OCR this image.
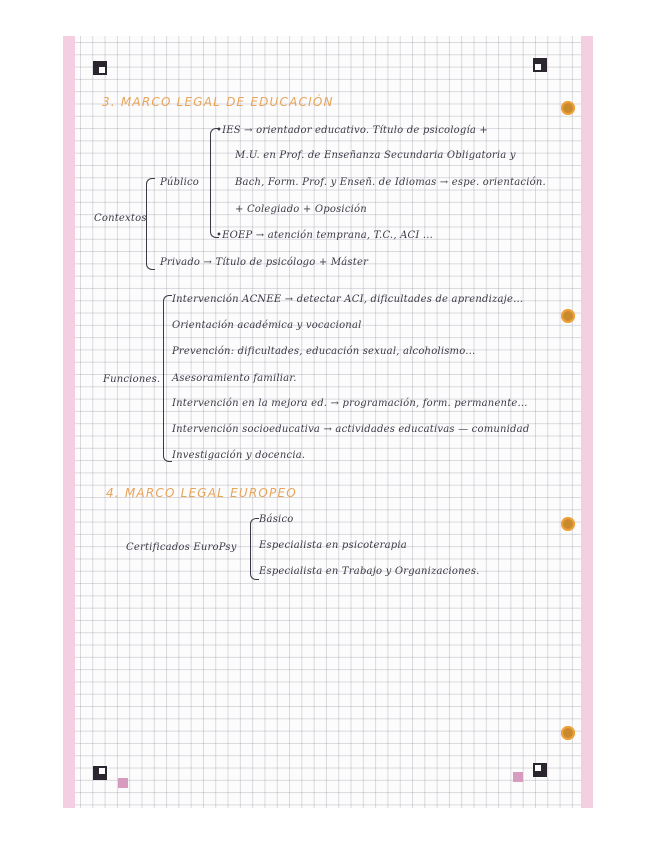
3. MARCO LEGAL DE EDUCACIÓN
Contextos
Público
•IES → orientador educativo. Título de psicología +
M.U. en Prof. de Enseñanza Secundaria Obligatoria y
Bach, Form. Prof. y Enseñ. de Idiomas → espe. orientación.
+ Colegiado + Oposición
•EOEP → atención temprana, T.C., ACI ...
Privado → Título de psicólogo + Máster
Funciones.
Intervención ACNEE → detectar ACI, dificultades de aprendizaje...
Orientación académica y vocacional
Prevención: dificultades, educación sexual, alcoholismo...
Asesoramiento familiar.
Intervención en la mejora ed. → programación, form. permanente...
Intervención socioeducativa → actividades educativas — comunidad
Investigación y docencia.
4. MARCO LEGAL EUROPEO
Certificados EuroPsy
Básico
Especialista en psicoterapia
Especialista en Trabajo y Organizaciones.
